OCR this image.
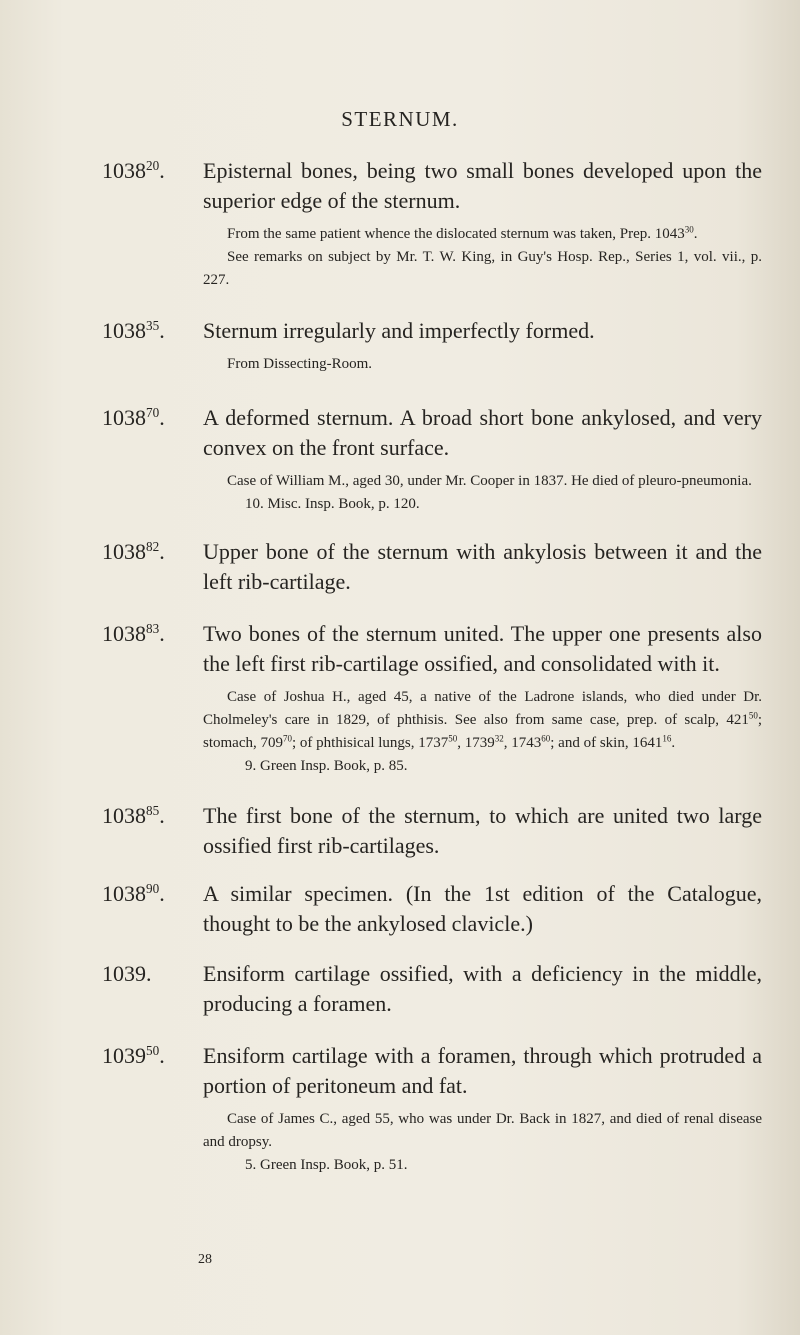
STERNUM.
1038$^{20}$. Episternal bones, being two small bones developed upon the superior edge of the sternum.

From the same patient whence the dislocated sternum was taken, Prep. 1043$^{30}$.

See remarks on subject by Mr. T. W. King, in Guy's Hosp. Rep., Series 1, vol. vii., p. 227.

1038$^{35}$. Sternum irregularly and imperfectly formed.

From Dissecting-Room.

1038$^{70}$. A deformed sternum. A broad short bone ankylosed, and very convex on the front surface.

Case of William M., aged 30, under Mr. Cooper in 1837. He died of pleuro-pneumonia.

10. Misc. Insp. Book, p. 120.

1038$^{82}$. Upper bone of the sternum with ankylosis between it and the left rib-cartilage.

1038$^{83}$. Two bones of the sternum united. The upper one presents also the left first rib-cartilage ossified, and consolidated with it.

Case of Joshua H., aged 45, a native of the Ladrone islands, who died under Dr. Cholmeley's care in 1829, of phthisis. See also from same case, prep. of scalp, $421^{50}$; stomach, $709^{70}$; of phthisical lungs, 1737$^{50}$, 1739$^{32}$, 1743$^{60}$; and of skin, 1641$^{16}$.

9. Green Insp. Book, p. 85.

1038$^{85}$. The first bone of the sternum, to which are united two large ossified first rib-cartilages.

1038$^{90}$. A similar specimen. (In the 1st edition of the Catalogue, thought to be the ankylosed clavicle.)

1039. Ensiform cartilage ossified, with a deficiency in the middle, producing a foramen.

1039$^{50}$. Ensiform cartilage with a foramen, through which protruded a portion of peritoneum and fat.

Case of James C., aged 55, who was under Dr. Back in 1827, and died of renal disease and dropsy.

5. Green Insp. Book, p. 51.

28
